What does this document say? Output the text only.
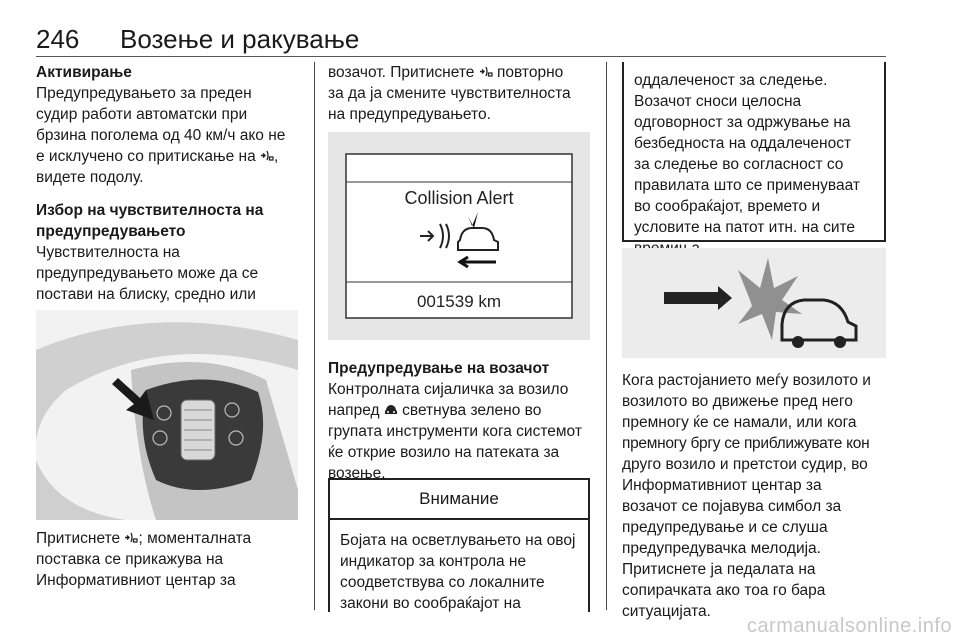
246 Возење и ракување
Активирање

Предупредувањето за преден

судир работи автоматски при

брзина поголема од 40 км/ч ако не

е исклучено со притискање на
,

видете подолу.

Избор на чувствителноста на
предупредувањето

Чувствителноста на

предупредувањето може да се

постави на блиску, средно или

Притиснете
; моменталната

поставка се прикажува на

Информативниот центар за

возачот. Притиснете
повторно

за да ја смените чувствителноста

на предупредувањето.

Collision Alert
001539 km
Предупредување на возачот

Контролната сијаличка за возило

напред
светнува зелено во

групата инструменти кога системот

ќе открие возило на патеката за

возење.

Внимание

Бојата на осветлувањето на овој

индикатор за контрола не

соодветствува со локалните

закони во сообраќајот на

оддалеченост за следење.

Возачот сноси целосна

одговорност за одржување на

безбедноста на оддалеченост

за следење во согласност со

правилата што се применуваат

во сообраќајот, времето и

условите на патот итн. на сите

Кога растојанието меѓу возилото и

возилото во движење пред него

премногу ќе се намали, или кога

премногу бргу се приближувате кон

друго возило и претстои судир, во

Информативниот центар за

возачот се појавува симбол за

предупредување и се слуша

предупредувачка мелодија.

Притиснете ја педалата на

сопирачката ако тоа го бара

ситуацијата.

carmanualsonline.info
